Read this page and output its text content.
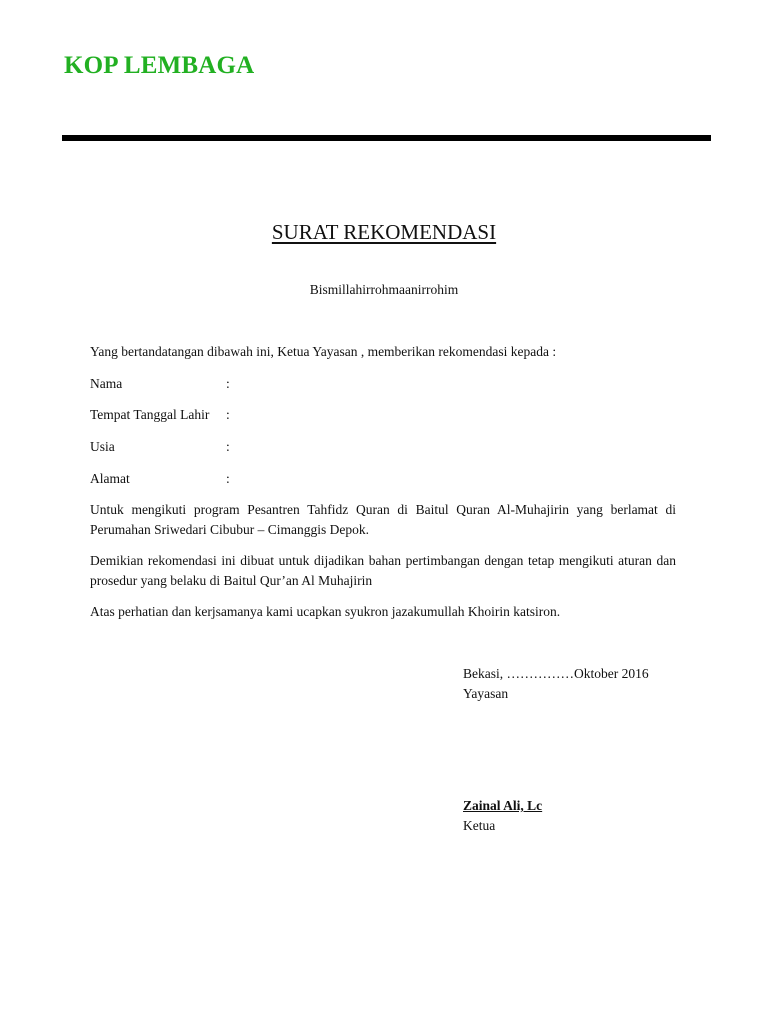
KOP LEMBAGA
SURAT REKOMENDASI
Bismillahirrohmaanirrohim
Yang bertandatangan dibawah ini, Ketua Yayasan , memberikan rekomendasi kepada :
Nama	:
Tempat Tanggal Lahir :
Usia	:
Alamat	:
Untuk mengikuti program Pesantren Tahfidz Quran di Baitul Quran Al-Muhajirin yang berlamat di Perumahan Sriwedari Cibubur – Cimanggis Depok.
Demikian rekomendasi ini dibuat untuk dijadikan bahan pertimbangan dengan tetap mengikuti aturan dan prosedur yang belaku di Baitul Qur’an Al Muhajirin
Atas perhatian dan kerjsamanya kami ucapkan syukron jazakumullah Khoirin katsiron.
Bekasi, ……………Oktober 2016
Yayasan
Zainal Ali, Lc
Ketua
